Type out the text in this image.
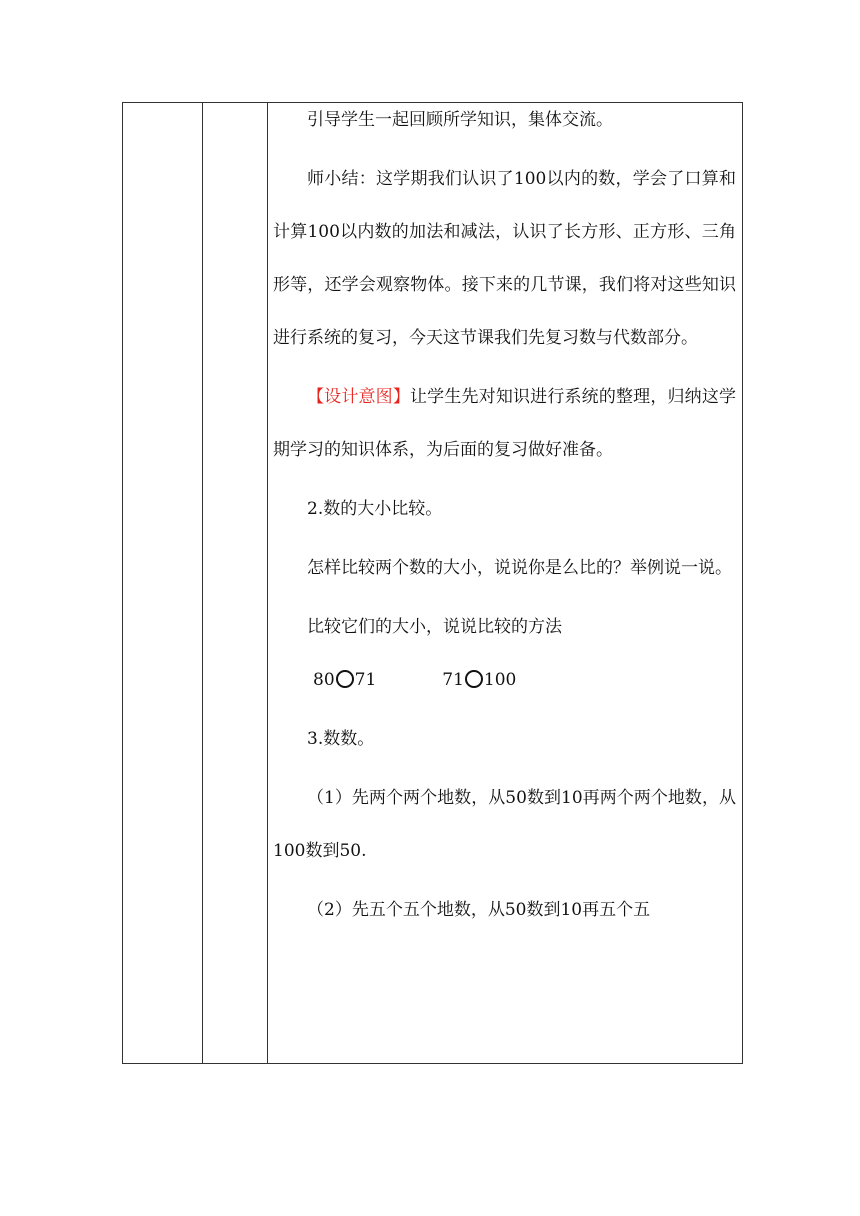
引导学生一起回顾所学知识，集体交流。

师小结：这学期我们认识了100以内的数，学会了口算和计算100以内数的加法和减法，认识了长方形、正方形、三角形等，还学会观察物体。接下来的几节课，我们将对这些知识进行系统的复习，今天这节课我们先复习数与代数部分。

【设计意图】让学生先对知识进行系统的整理，归纳这学期学习的知识体系，为后面的复习做好准备。

2.数的大小比较。

怎样比较两个数的大小，说说你是么比的？举例说一说。

比较它们的大小，说说比较的方法

80 71	71 100

3.数数。

（1）先两个两个地数，从50数到10再两个两个地数，从100数到50.

（2）先五个五个地数，从50数到10再五个五
